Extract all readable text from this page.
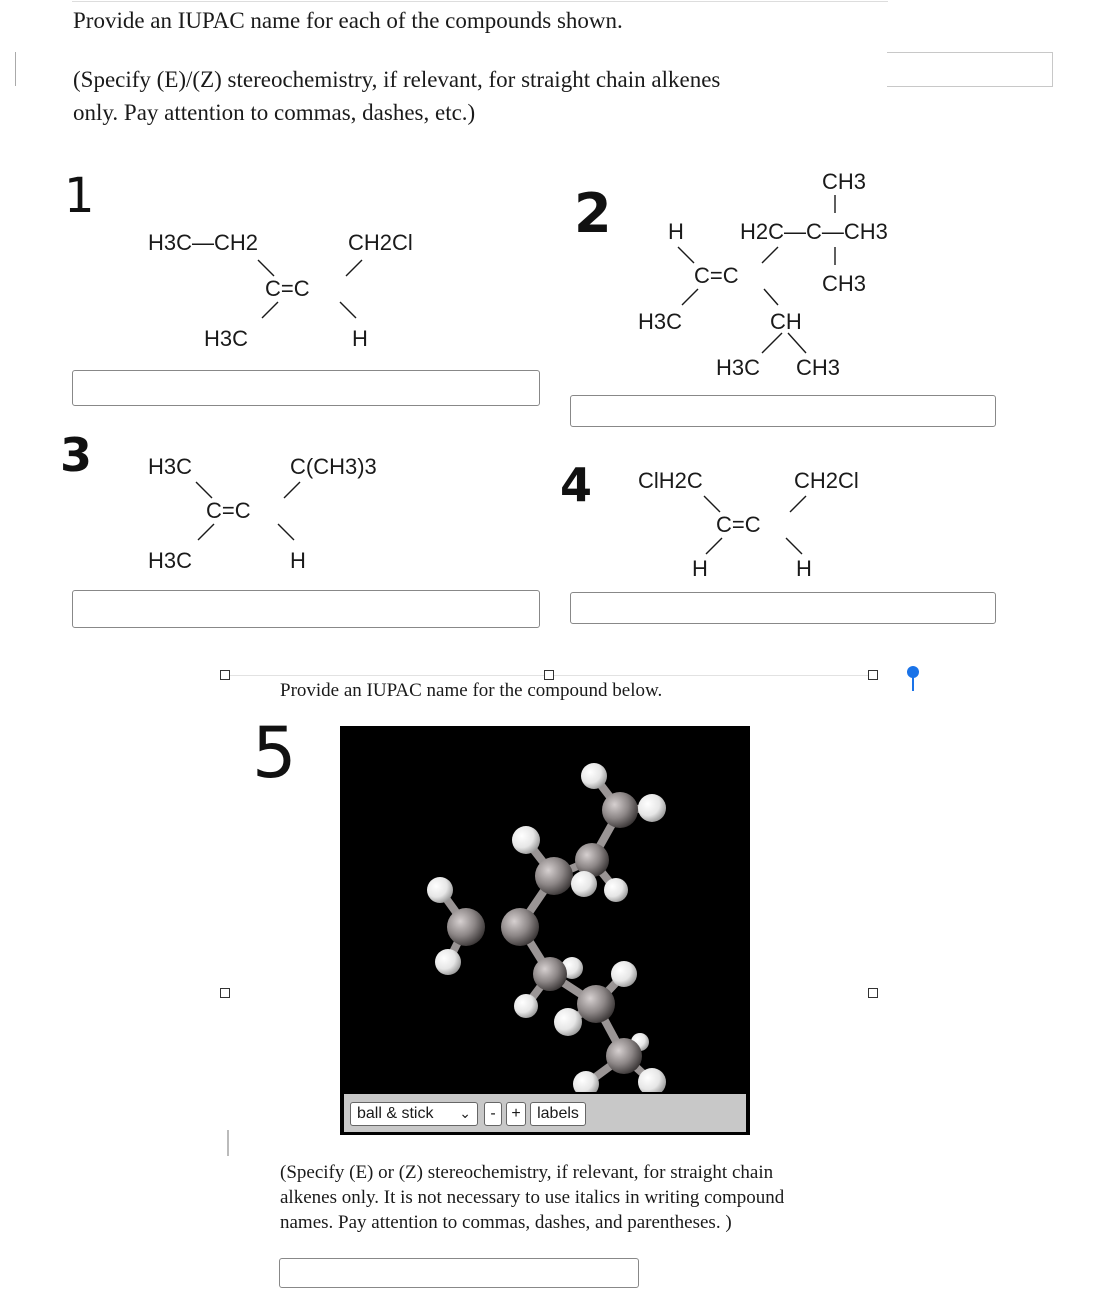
Provide an IUPAC name for each of the compounds shown.
(Specify (E)/(Z) stereochemistry, if relevant, for straight chain alkenes
only. Pay attention to commas, dashes, etc.)
1	2
3
4
5
H3C—CH2	CH2Cl
C=C
H3C	H
CH3
H	H2C—C—CH3
C=C	CH3
H3C	CH
H3C CH3
H3C	C(CH3)3
C=C
H3C	H
ClH2C	CH2Cl
C=C
H	H
Provide an IUPAC name for the compound below.
ball & stick ⌄	- +	labels
(Specify (E) or (Z) stereochemistry, if relevant, for straight chain
alkenes only. It is not necessary to use italics in writing compound
names. Pay attention to commas, dashes, and parentheses. )
